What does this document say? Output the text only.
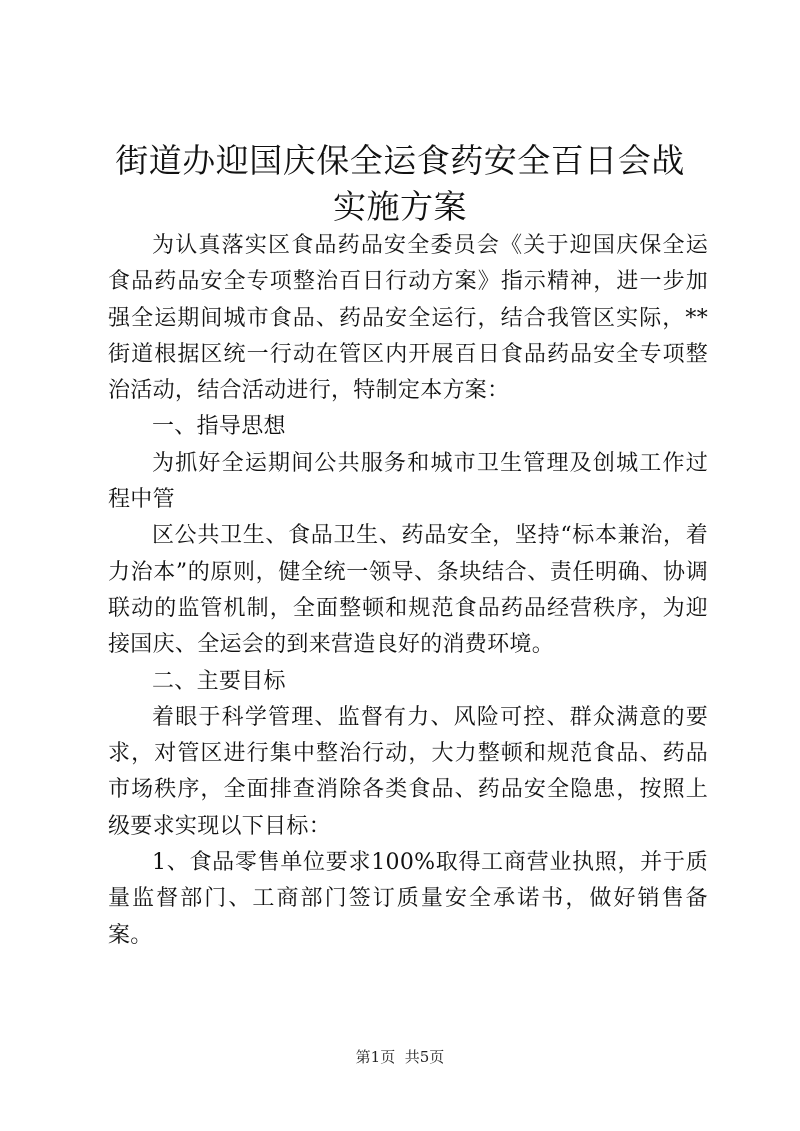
街道办迎国庆保全运食药安全百日会战实施方案

为认真落实区食品药品安全委员会《关于迎国庆保全运食品药品安全专项整治百日行动方案》指示精神，进一步加强全运期间城市食品、药品安全运行，结合我管区实际，**街道根据区统一行动在管区内开展百日食品药品安全专项整治活动，结合活动进行，特制定本方案：

一、指导思想

为抓好全运期间公共服务和城市卫生管理及创城工作过程中管

区公共卫生、食品卫生、药品安全，坚持“标本兼治，着力治本”的原则，健全统一领导、条块结合、责任明确、协调联动的监管机制，全面整顿和规范食品药品经营秩序，为迎接国庆、全运会的到来营造良好的消费环境。

二、主要目标

着眼于科学管理、监督有力、风险可控、群众满意的要求，对管区进行集中整治行动，大力整顿和规范食品、药品市场秩序，全面排查消除各类食品、药品安全隐患，按照上级要求实现以下目标：

1、食品零售单位要求100%取得工商营业执照，并于质量监督部门、工商部门签订质量安全承诺书，做好销售备案。

第1页 共5页
